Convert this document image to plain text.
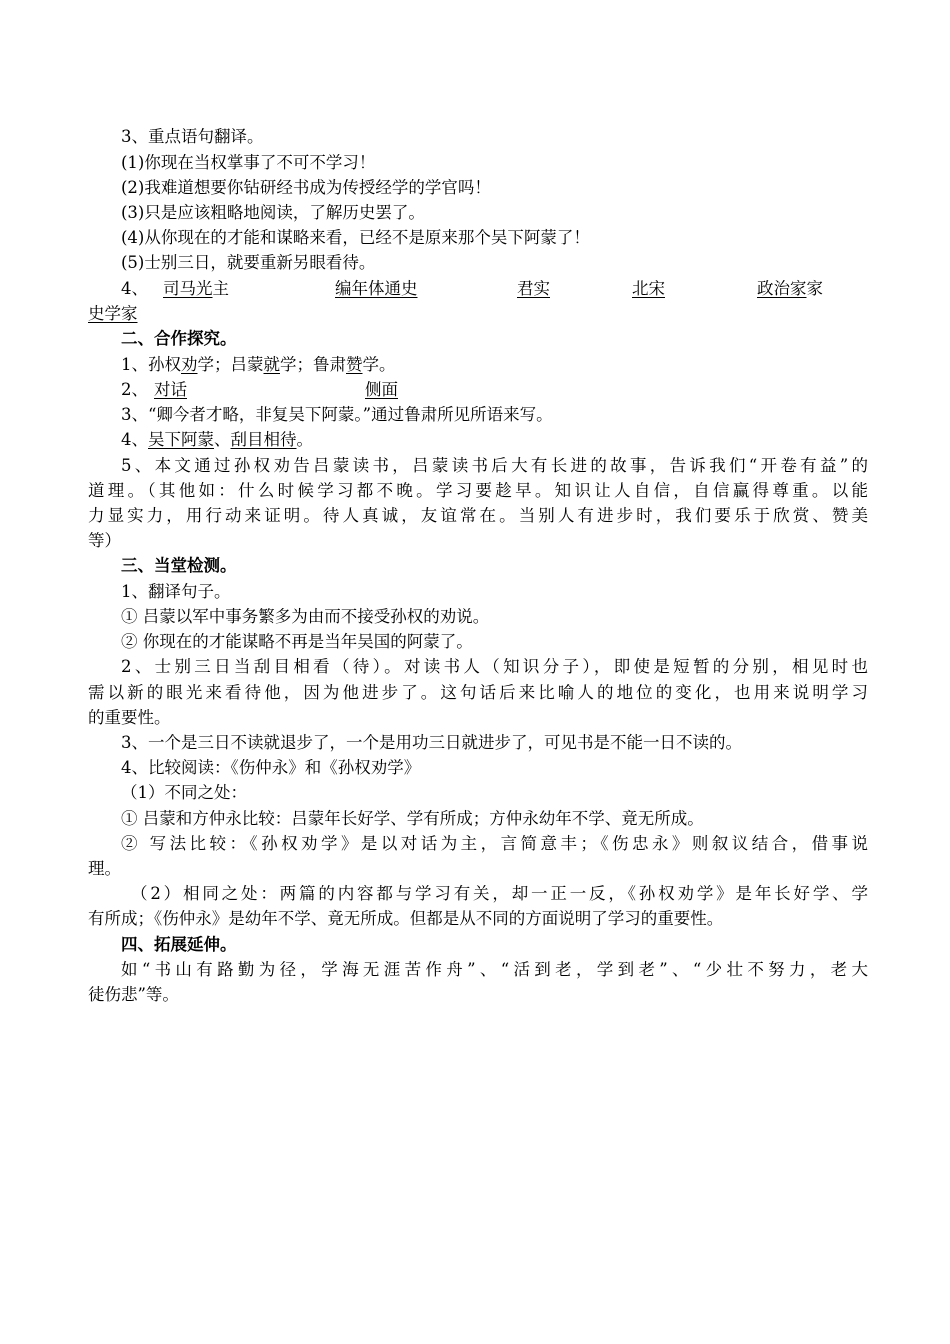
3、重点语句翻译。
(1)你现在当权掌事了不可不学习！
(2)我难道想要你钻研经书成为传授经学的学官吗！
(3)只是应该粗略地阅读，了解历史罢了。
(4)从你现在的才能和谋略来看，已经不是原来那个吴下阿蒙了！
(5)士别三日，就要重新另眼看待。
4、 司马光主	编年体通史	君实	北宋	政治家家
史学家
二、合作探究。
1、孙权劝学；吕蒙就学；鲁肃赞学。
2、 对话	侧面
3、“卿今者才略，非复吴下阿蒙。”通过鲁肃所见所语来写。
4、吴下阿蒙、刮目相待。
5、本文通过孙权劝告吕蒙读书，吕蒙读书后大有长进的故事，告诉我们“开卷有益”的
道理。（其他如：什么时候学习都不晚。学习要趁早。知识让人自信，自信赢得尊重。以能
力显实力，用行动来证明。待人真诚，友谊常在。当别人有进步时，我们要乐于欣赏、赞美
等）
三、当堂检测。
1、翻译句子。
① 吕蒙以军中事务繁多为由而不接受孙权的劝说。
② 你现在的才能谋略不再是当年吴国的阿蒙了。
2、士别三日当刮目相看（待）。对读书人（知识分子），即使是短暂的分别，相见时也
需以新的眼光来看待他，因为他进步了。这句话后来比喻人的地位的变化，也用来说明学习
的重要性。
3、一个是三日不读就退步了，一个是用功三日就进步了，可见书是不能一日不读的。
4、比较阅读：《伤仲永》和《孙权劝学》
（1）不同之处：
① 吕蒙和方仲永比较：吕蒙年长好学、学有所成；方仲永幼年不学、竟无所成。
② 写法比较：《孙权劝学》是以对话为主，言简意丰；《伤忠永》则叙议结合，借事说
理。
（2）相同之处：两篇的内容都与学习有关，却一正一反，《孙权劝学》是年长好学、学
有所成；《伤仲永》是幼年不学、竟无所成。但都是从不同的方面说明了学习的重要性。
四、拓展延伸。
如“书山有路勤为径，学海无涯苦作舟”、“活到老，学到老”、“少壮不努力，老大
徒伤悲”等。
